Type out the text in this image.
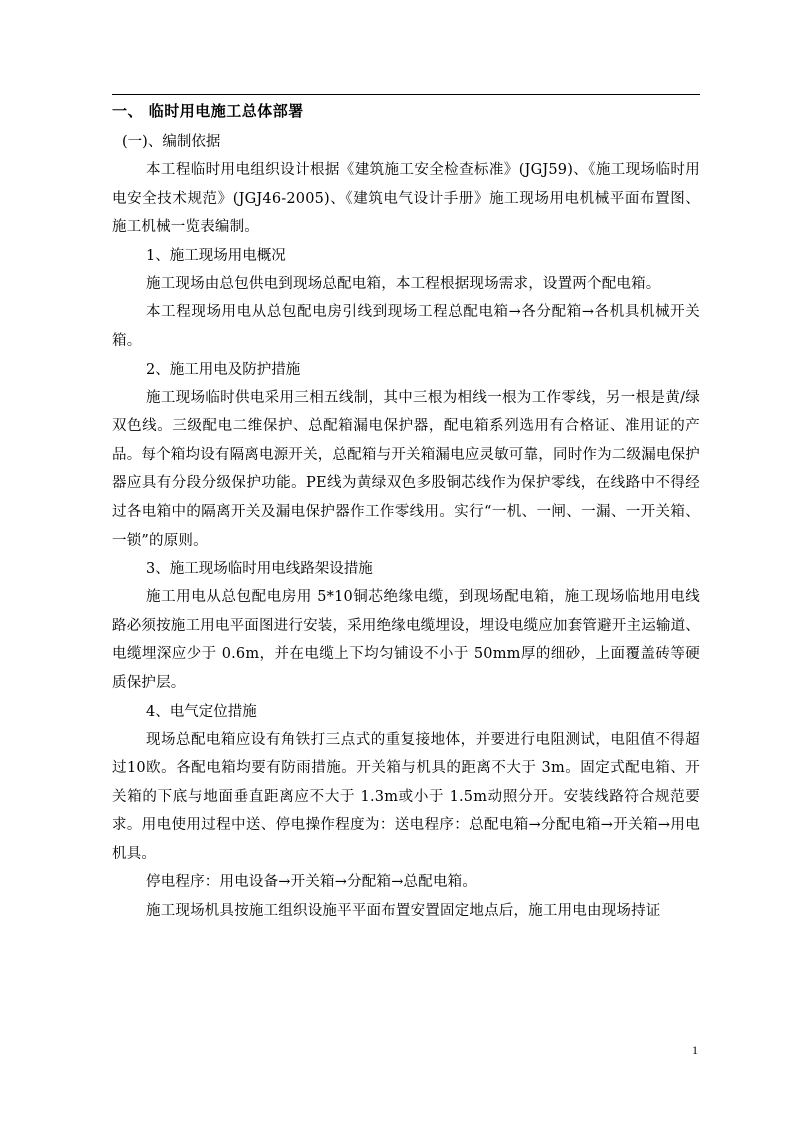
一、 临时用电施工总体部署
(一)、编制依据

本工程临时用电组织设计根据《建筑施工安全检查标准》(JGJ59)、《施工现场临时用电安全技术规范》(JGJ46-2005)、《建筑电气设计手册》施工现场用电机械平面布置图、施工机械一览表编制。

1、施工现场用电概况

施工现场由总包供电到现场总配电箱，本工程根据现场需求，设置两个配电箱。

本工程现场用电从总包配电房引线到现场工程总配电箱→各分配箱→各机具机械开关箱。

2、施工用电及防护措施

施工现场临时供电采用三相五线制，其中三根为相线一根为工作零线，另一根是黄/绿双色线。三级配电二维保护、总配箱漏电保护器，配电箱系列选用有合格证、准用证的产品。每个箱均设有隔离电源开关，总配箱与开关箱漏电应灵敏可靠，同时作为二级漏电保护器应具有分段分级保护功能。PE线为黄绿双色多股铜芯线作为保护零线，在线路中不得经过各电箱中的隔离开关及漏电保护器作工作零线用。实行“一机、一闸、一漏、一开关箱、一锁”的原则。

3、施工现场临时用电线路架设措施

施工用电从总包配电房用 5*10铜芯绝缘电缆，到现场配电箱，施工现场临地用电线路必须按施工用电平面图进行安装，采用绝缘电缆埋设，埋设电缆应加套管避开主运输道、电缆埋深应少于 0.6m，并在电缆上下均匀铺设不小于 50mm厚的细砂，上面覆盖砖等硬质保护层。

4、电气定位措施

现场总配电箱应设有角铁打三点式的重复接地体，并要进行电阻测试，电阻值不得超过10欧。各配电箱均要有防雨措施。开关箱与机具的距离不大于 3m。固定式配电箱、开关箱的下底与地面垂直距离应不大于 1.3m或小于 1.5m动照分开。安装线路符合规范要求。用电使用过程中送、停电操作程度为：送电程序：总配电箱→分配电箱→开关箱→用电机具。

停电程序：用电设备→开关箱→分配箱→总配电箱。

施工现场机具按施工组织设施平平面布置安置固定地点后，施工用电由现场持证

1
